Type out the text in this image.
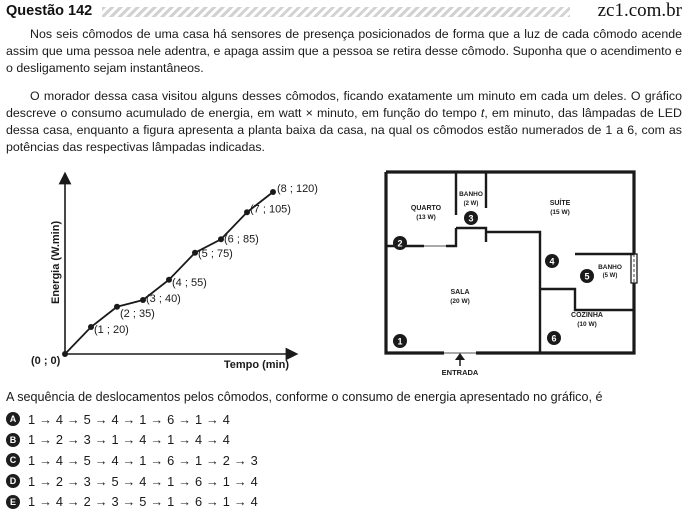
Questão 142	zc1.com.br

Nos seis cômodos de uma casa há sensores de presença posicionados de forma que a luz de cada cômodo acende assim que uma pessoa nele adentra, e apaga assim que a pessoa se retira desse cômodo. Suponha que o acendimento e o desligamento sejam instantâneos.

O morador dessa casa visitou alguns desses cômodos, ficando exatamente um minuto em cada um deles. O gráfico descreve o consumo acumulado de energia, em watt × minuto, em função do tempo t, em minuto, das lâmpadas de LED dessa casa, enquanto a figura apresenta a planta baixa da casa, na qual os cômodos estão numerados de 1 a 6, com as potências das respectivas lâmpadas indicadas.

Energia (W.min)
Tempo (min)
(0 ; 0)
(1 ; 20)
(2 ; 35)
(3 ; 40)
(4 ; 55)
(5 ; 75)
(6 ; 85)
(7 ; 105)
(8 ; 120)
ENTRADA
QUARTO
(13 W)
BANHO
(2 W)	SUÍTE
(15 W)
SALA
(20 W)
BANHO
(5 W)
COZINHA
(10 W)
1
2
3
4
5
6

A sequência de deslocamentos pelos cômodos, conforme o consumo de energia apresentado no gráfico, é

A 1 → 4 → 5 → 4 → 1 → 6 → 1 → 4
B 1 → 2 → 3 → 1 → 4 → 1 → 4 → 4
C 1 → 4 → 5 → 4 → 1 → 6 → 1 → 2 → 3
D 1 → 2 → 3 → 5 → 4 → 1 → 6 → 1 → 4
E 1 → 4 → 2 → 3 → 5 → 1 → 6 → 1 → 4
